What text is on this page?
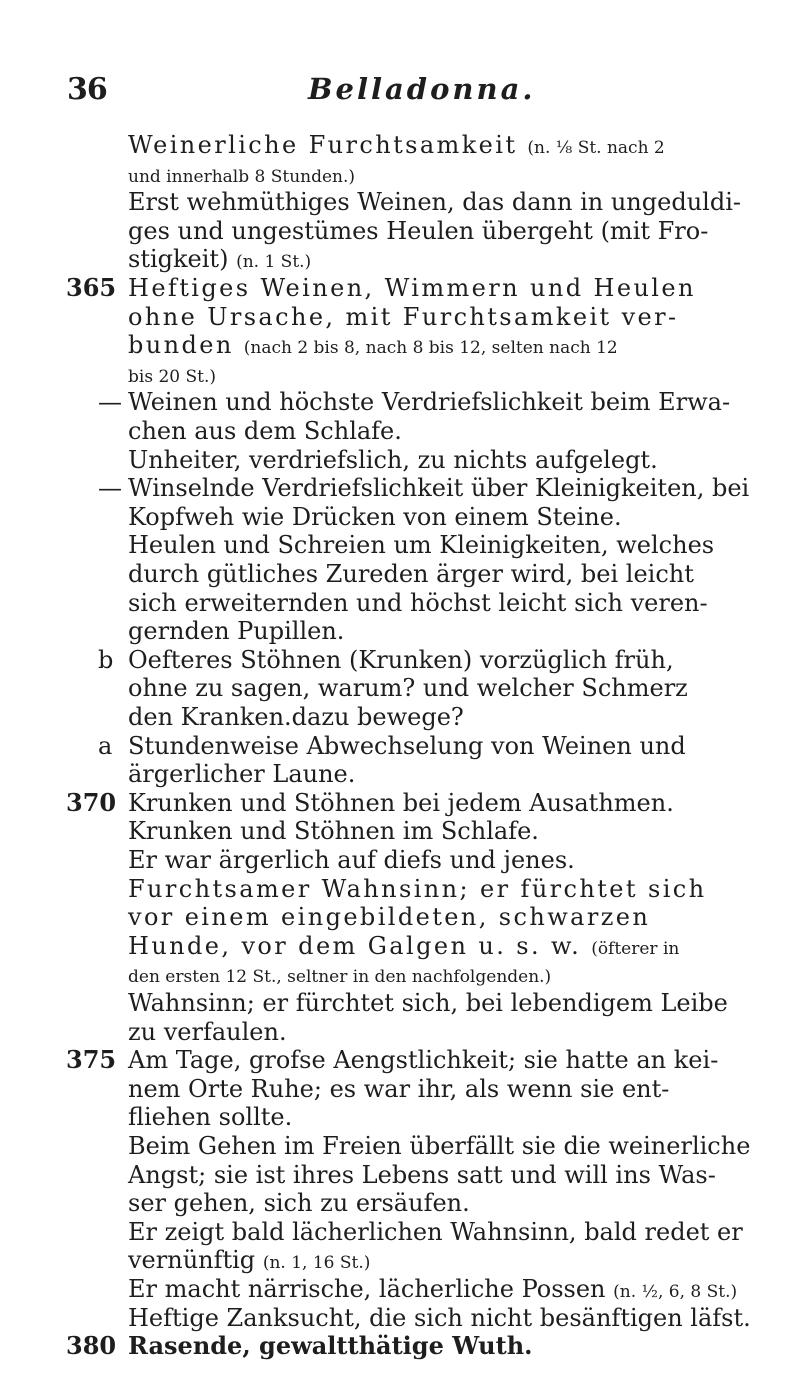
36	Belladonna.
Weinerliche Furchtsamkeit (n. ⅛ St. nach 2
und innerhalb 8 Stunden.)
Erst wehmüthiges Weinen, das dann in ungeduldi-
ges und ungestümes Heulen übergeht (mit Fro-
stigkeit) (n. 1 St.)
365 Heftiges Weinen, Wimmern und Heulen
ohne Ursache, mit Furchtsamkeit ver-
bunden (nach 2 bis 8, nach 8 bis 12, selten nach 12
bis 20 St.)
— Weinen und höchste Verdriefslichkeit beim Erwa-
chen aus dem Schlafe.
Unheiter, verdriefslich, zu nichts aufgelegt.
— Winselnde Verdriefslichkeit über Kleinigkeiten, bei
Kopfweh wie Drücken von einem Steine.
Heulen und Schreien um Kleinigkeiten, welches
durch gütliches Zureden ärger wird, bei leicht
sich erweiternden und höchst leicht sich veren-
gernden Pupillen.
b Oefteres Stöhnen (Krunken) vorzüglich früh,
ohne zu sagen, warum? und welcher Schmerz
den Kranken.dazu bewege?
a Stundenweise Abwechselung von Weinen und
ärgerlicher Laune.
370 Krunken und Stöhnen bei jedem Ausathmen.
Krunken und Stöhnen im Schlafe.
Er war ärgerlich auf diefs und jenes.
Furchtsamer Wahnsinn; er fürchtet sich
vor einem eingebildeten, schwarzen
Hunde, vor dem Galgen u. s. w. (öfterer in
den ersten 12 St., seltner in den nachfolgenden.)
Wahnsinn; er fürchtet sich, bei lebendigem Leibe
zu verfaulen.
375 Am Tage, grofse Aengstlichkeit; sie hatte an kei-
nem Orte Ruhe; es war ihr, als wenn sie ent-
fliehen sollte.
Beim Gehen im Freien überfällt sie die weinerliche
Angst; sie ist ihres Lebens satt und will ins Was-
ser gehen, sich zu ersäufen.
Er zeigt bald lächerlichen Wahnsinn, bald redet er
vernünftig (n. 1, 16 St.)
Er macht närrische, lächerliche Possen (n. ½, 6, 8 St.)
Heftige Zanksucht, die sich nicht besänftigen läfst.
380 Rasende, gewaltthätige Wuth.
